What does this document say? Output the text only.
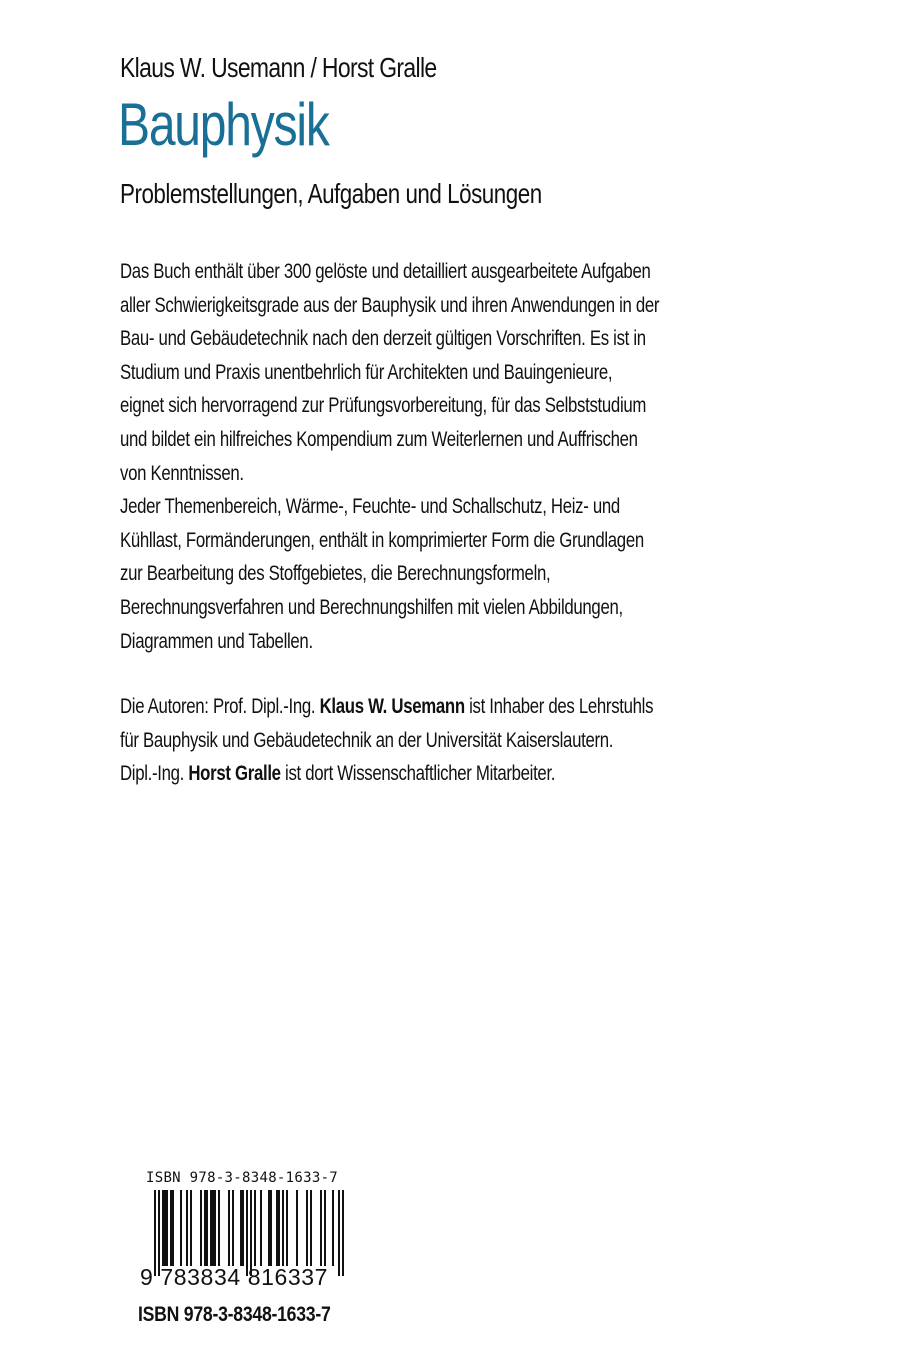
Klaus W. Usemann / Horst Gralle
Bauphysik
Problemstellungen, Aufgaben und Lösungen
Das Buch enthält über 300 gelöste und detailliert ausgearbeitete Aufgaben
aller Schwierigkeitsgrade aus der Bauphysik und ihren Anwendungen in der
Bau- und Gebäudetechnik nach den derzeit gültigen Vorschriften. Es ist in
Studium und Praxis unentbehrlich für Architekten und Bauingenieure,
eignet sich hervorragend zur Prüfungsvorbereitung, für das Selbststudium
und bildet ein hilfreiches Kompendium zum Weiterlernen und Auffrischen
von Kenntnissen.
Jeder Themenbereich, Wärme-, Feuchte- und Schallschutz, Heiz- und
Kühllast, Formänderungen, enthält in komprimierter Form die Grundlagen
zur Bearbeitung des Stoffgebietes, die Berechnungsformeln,
Berechnungsverfahren und Berechnungshilfen mit vielen Abbildungen,
Diagrammen und Tabellen.
Die Autoren: Prof. Dipl.-Ing. Klaus W. Usemann ist Inhaber des Lehrstuhls
für Bauphysik und Gebäudetechnik an der Universität Kaiserslautern.
Dipl.-Ing. Horst Gralle ist dort Wissenschaftlicher Mitarbeiter.
ISBN 978-3-8348-1633-7
9 783834 816337
ISBN 978-3-8348-1633-7
